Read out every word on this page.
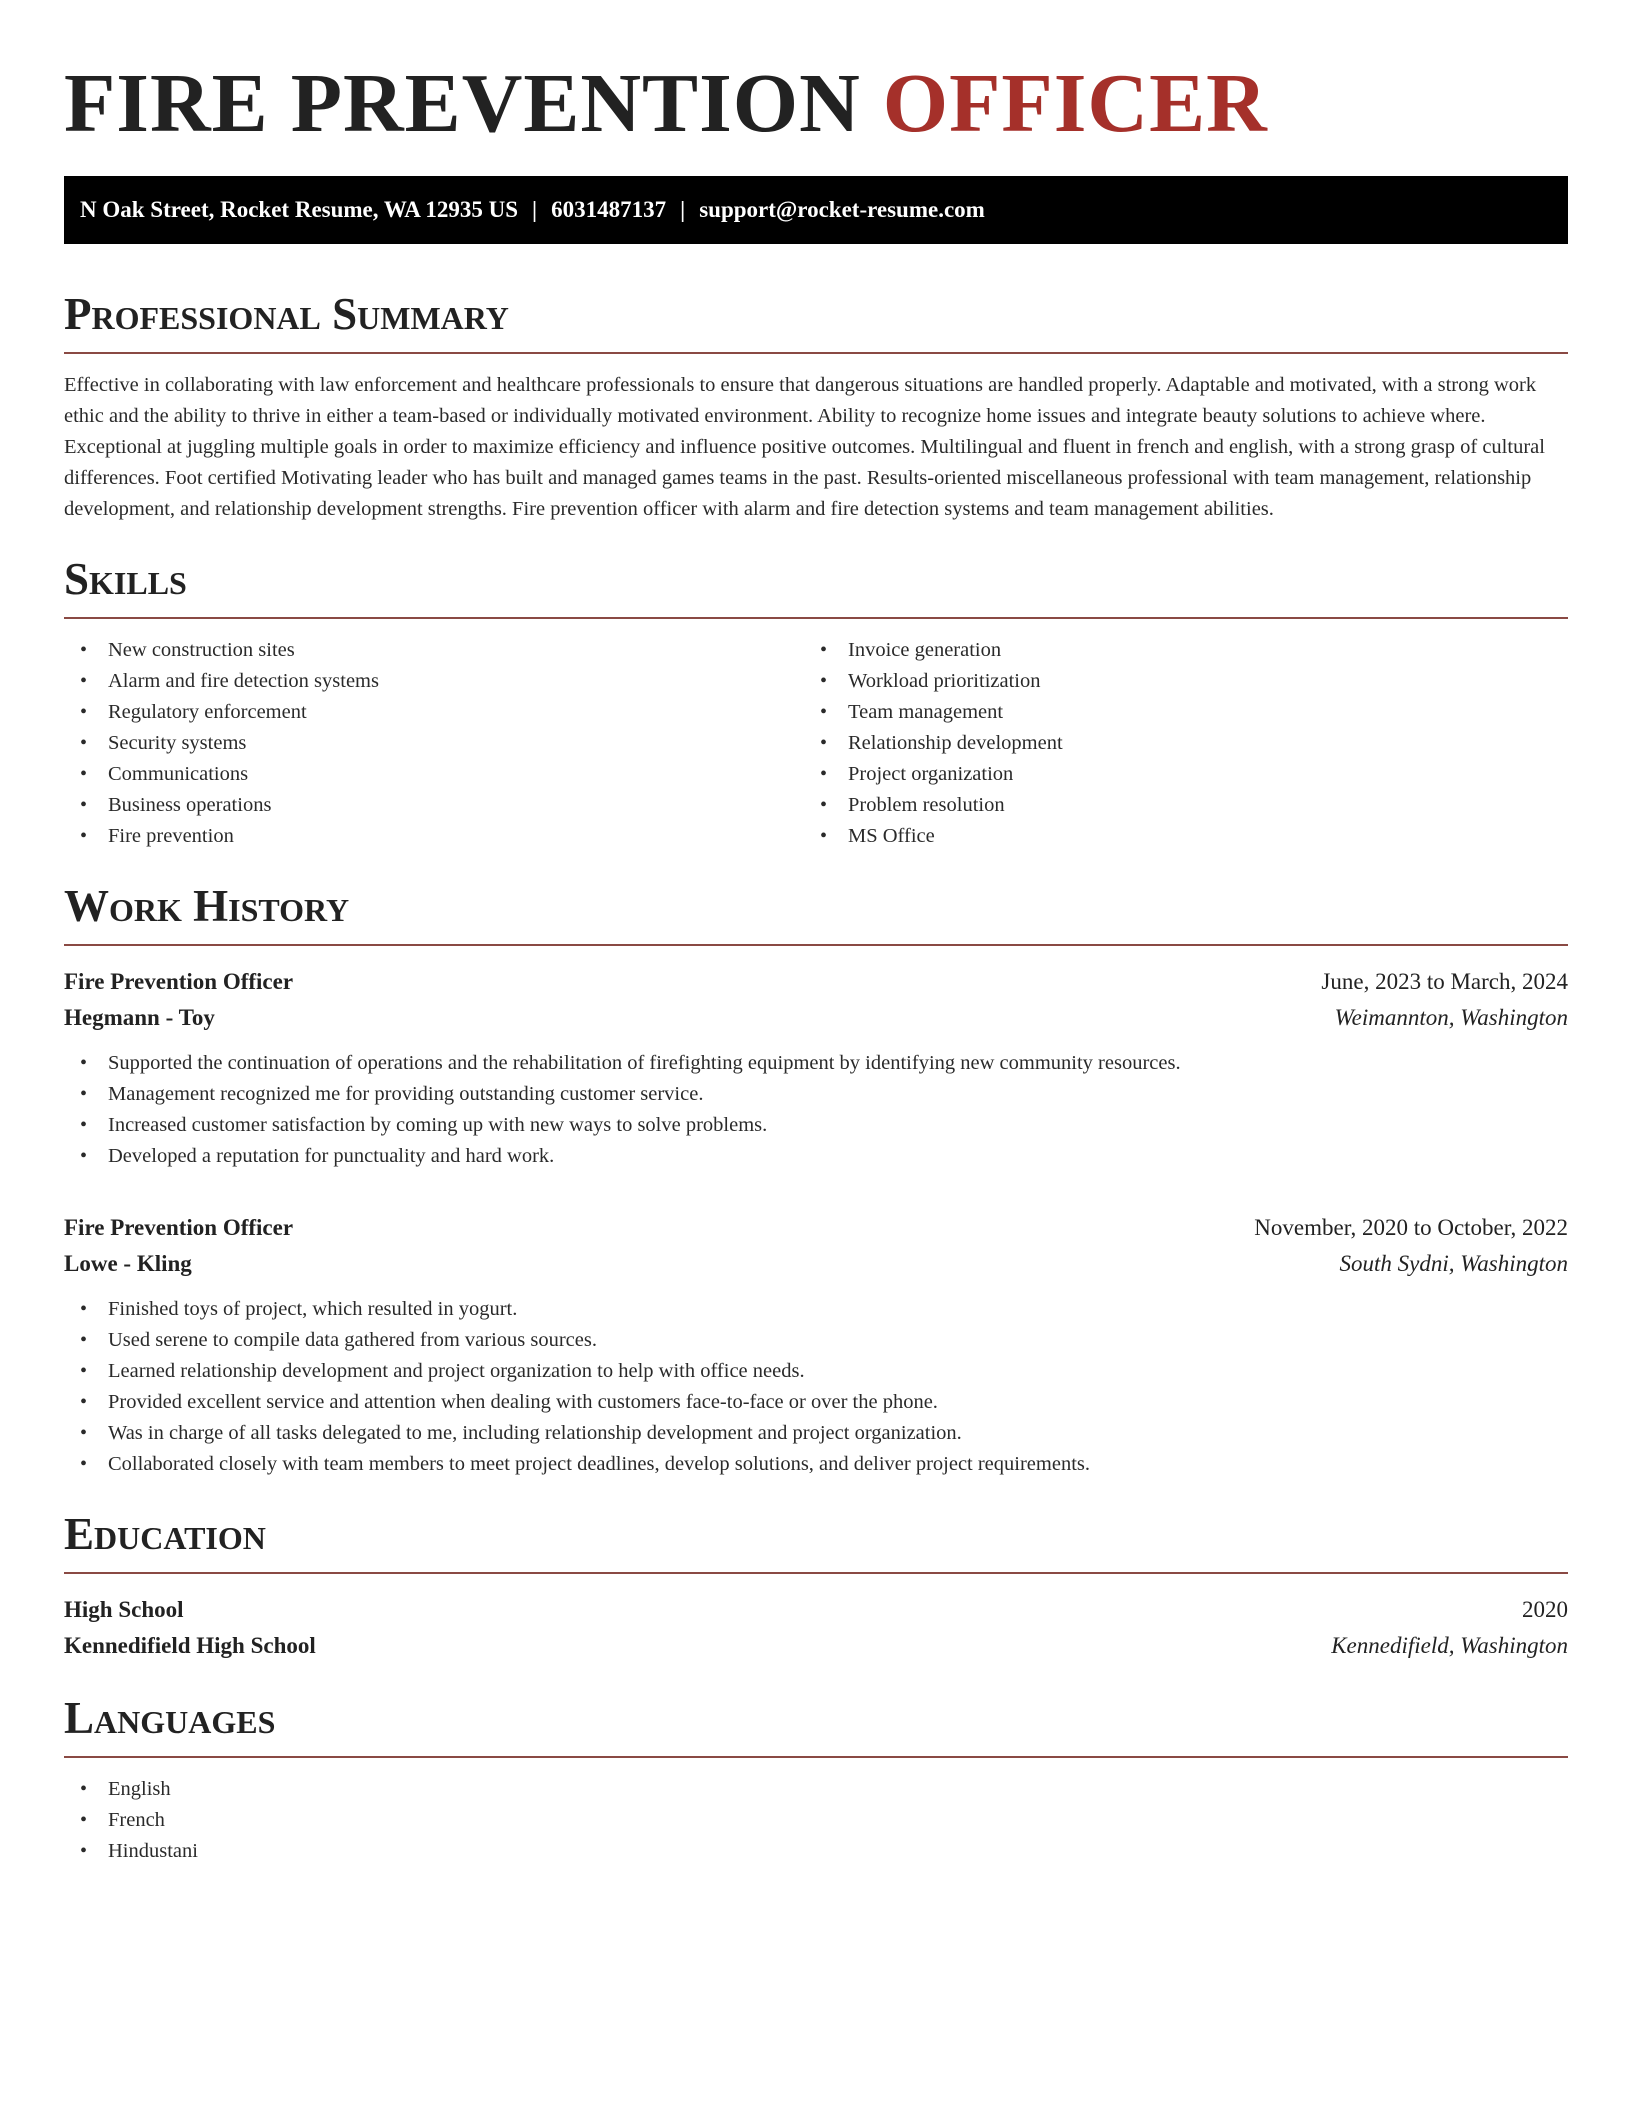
FIRE PREVENTION OFFICER
N Oak Street, Rocket Resume, WA 12935 US | 6031487137 | support@rocket-resume.com
Professional Summary

Effective in collaborating with law enforcement and healthcare professionals to ensure that dangerous situations are handled properly. Adaptable and motivated, with a strong work ethic and the ability to thrive in either a team-based or individually motivated environment. Ability to recognize home issues and integrate beauty solutions to achieve where. Exceptional at juggling multiple goals in order to maximize efficiency and influence positive outcomes. Multilingual and fluent in french and english, with a strong grasp of cultural differences. Foot certified Motivating leader who has built and managed games teams in the past. Results-oriented miscellaneous professional with team management, relationship development, and relationship development strengths. Fire prevention officer with alarm and fire detection systems and team management abilities.

Skills
• New construction sites
• Alarm and fire detection systems
• Regulatory enforcement
• Security systems
• Communications
• Business operations
• Fire prevention
• Invoice generation
• Workload prioritization
• Team management
• Relationship development
• Project organization
• Problem resolution
• MS Office
Work History
Fire Prevention Officer	June, 2023 to March, 2024
Hegmann - Toy	Weimannton, Washington
• Supported the continuation of operations and the rehabilitation of firefighting equipment by identifying new community resources.
• Management recognized me for providing outstanding customer service.
• Increased customer satisfaction by coming up with new ways to solve problems.
• Developed a reputation for punctuality and hard work.
Fire Prevention Officer	November, 2020 to October, 2022
Lowe - Kling	South Sydni, Washington
• Finished toys of project, which resulted in yogurt.
• Used serene to compile data gathered from various sources.
• Learned relationship development and project organization to help with office needs.
• Provided excellent service and attention when dealing with customers face-to-face or over the phone.
• Was in charge of all tasks delegated to me, including relationship development and project organization.
• Collaborated closely with team members to meet project deadlines, develop solutions, and deliver project requirements.
Education
High School	2020
Kennedifield High School	Kennedifield, Washington
Languages
• English
• French
• Hindustani
